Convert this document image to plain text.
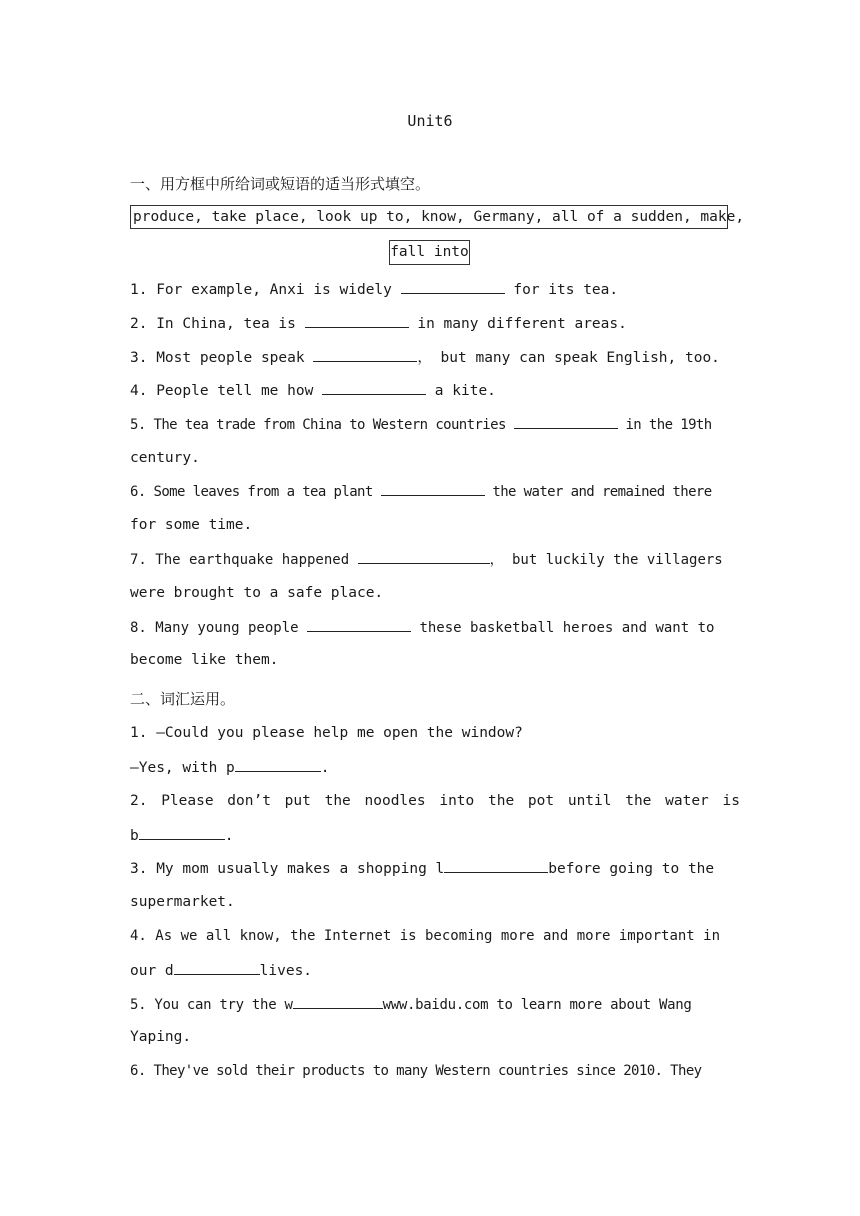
Unit6
一、用方框中所给词或短语的适当形式填空。
produce, take place, look up to, know, Germany, all of a sudden, make,
fall into
1. For example, Anxi is widely	for its tea.
2. In China, tea is	in many different areas.
3. Most people speak	， but many can speak English, too.
4. People tell me how	a kite.
5. The tea trade from China to Western countries	in the 19th
century.
6. Some leaves from a tea plant	the water and remained there
for some time.
7. The earthquake happened	， but luckily the villagers
were brought to a safe place.
8. Many young people	these basketball heroes and want to
become like them.
二、词汇运用。
1. —Could you please help me open the window?
—Yes, with p	.
2. Please don’t put the noodles into the pot until the water is
b	.
3. My mom usually makes a shopping l	before going to the
supermarket.
4. As we all know, the Internet is becoming more and more important in
our d	lives.
5. You can try the w	www.baidu.com to learn more about Wang
Yaping.
6. They've sold their products to many Western countries since 2010. They
